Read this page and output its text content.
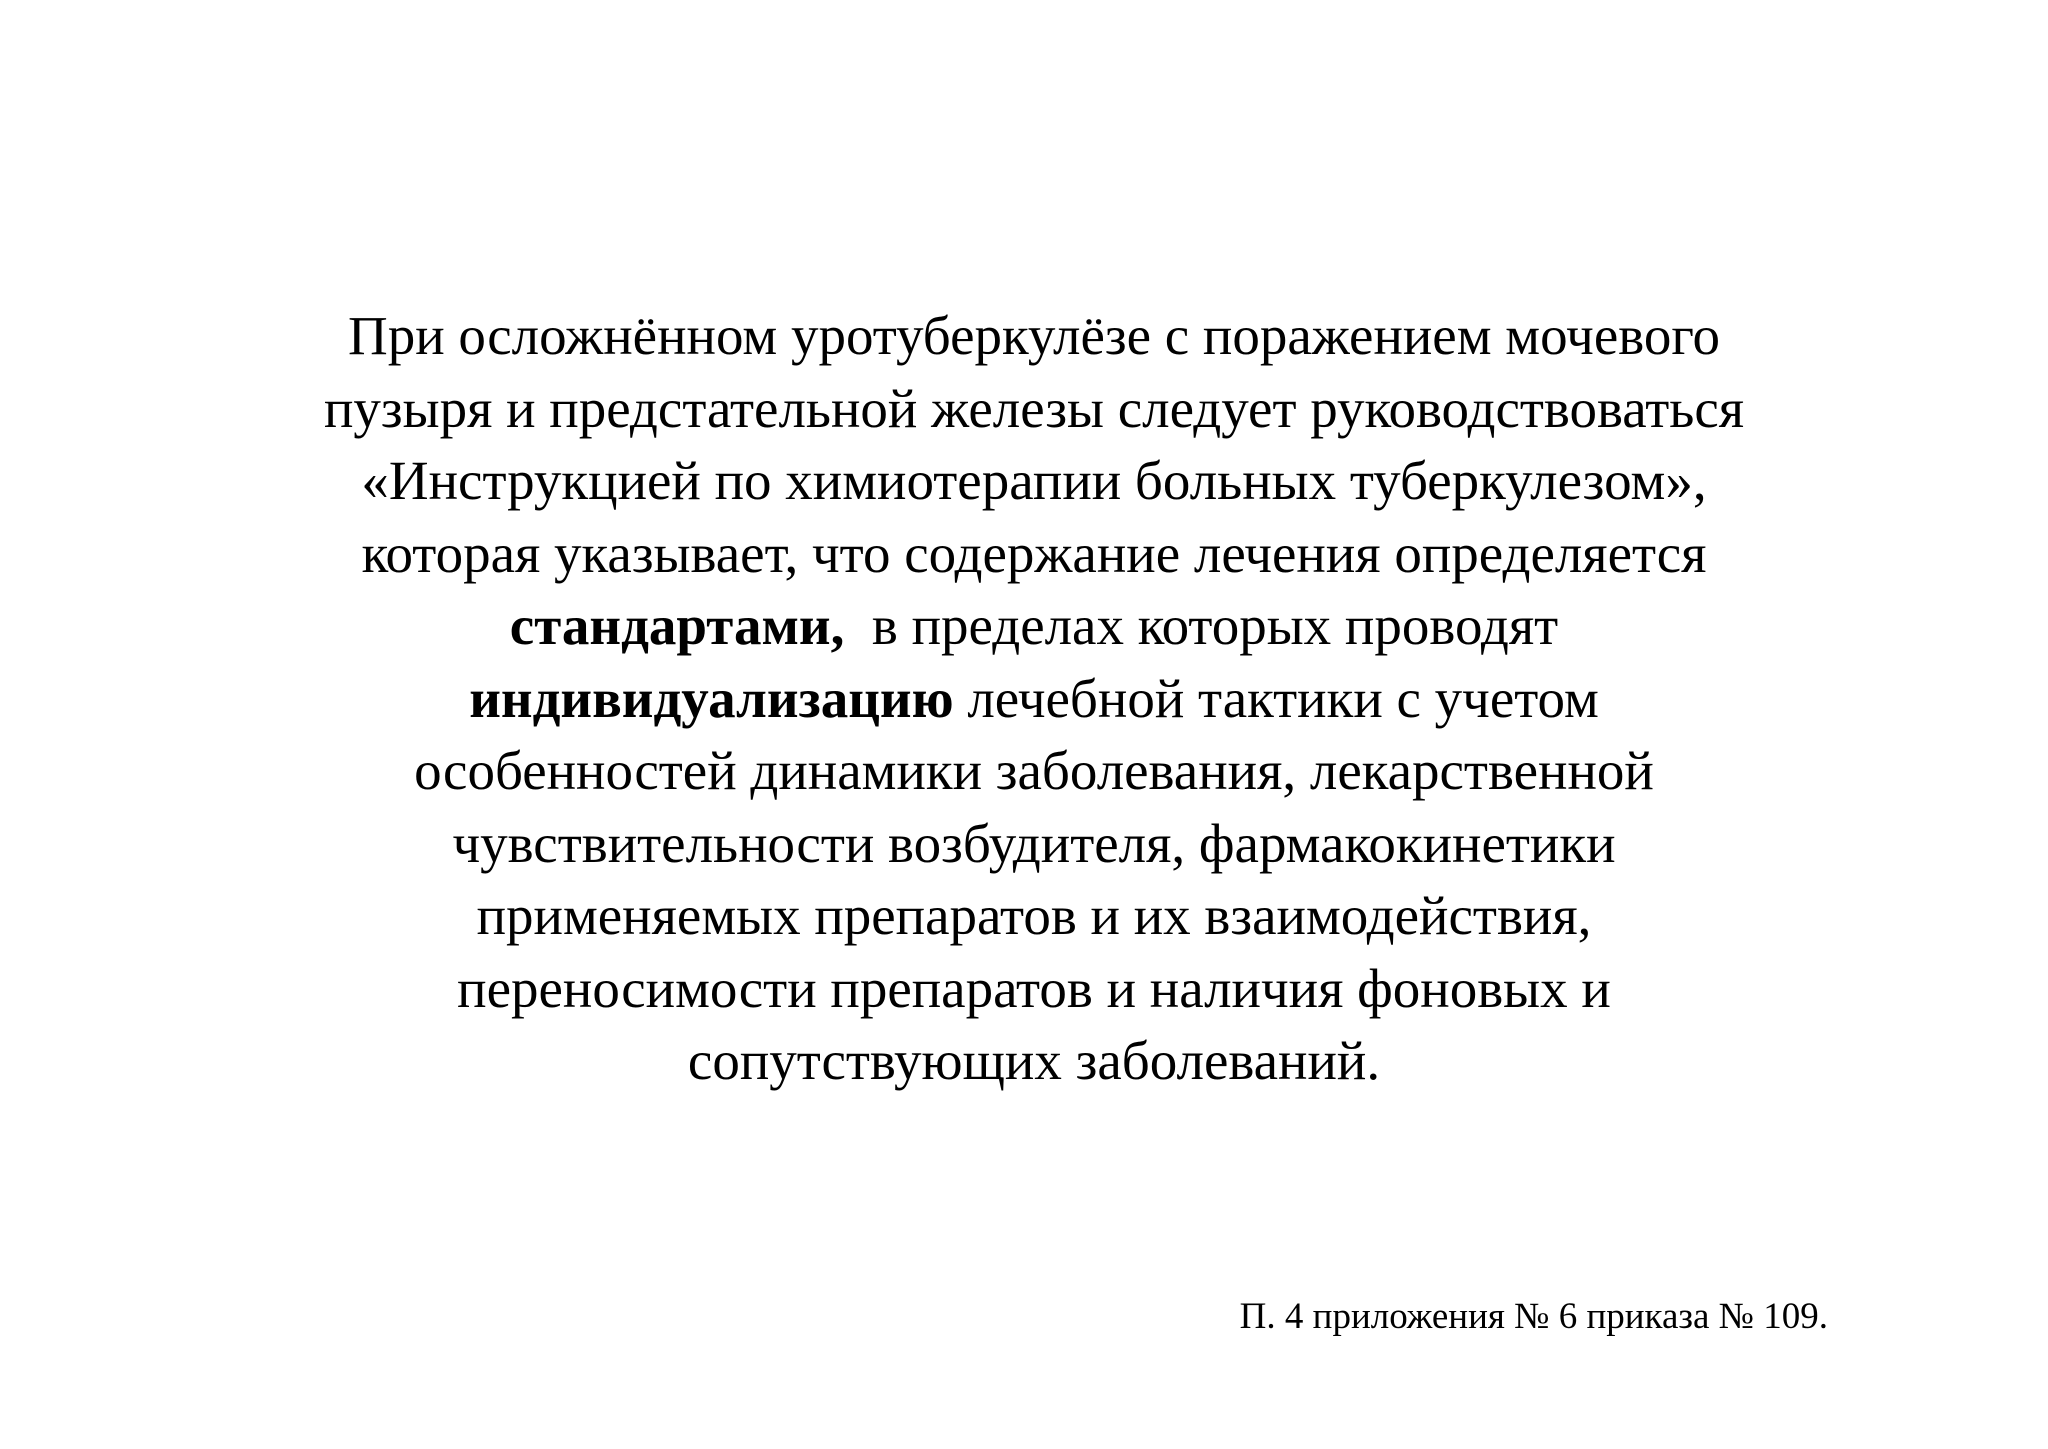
При осложнённом уротуберкулёзе с поражением мочевого
пузыря и предстательной железы следует руководствоваться
«Инструкцией по химиотерапии больных туберкулезом»,
которая указывает, что содержание лечения определяется
стандартами,  в пределах которых проводят
индивидуализацию лечебной тактики с учетом
особенностей динамики заболевания, лекарственной
чувствительности возбудителя, фармакокинетики
применяемых препаратов и их взаимодействия,
переносимости препаратов и наличия фоновых и
сопутствующих заболеваний.

П. 4 приложения № 6 приказа № 109.
